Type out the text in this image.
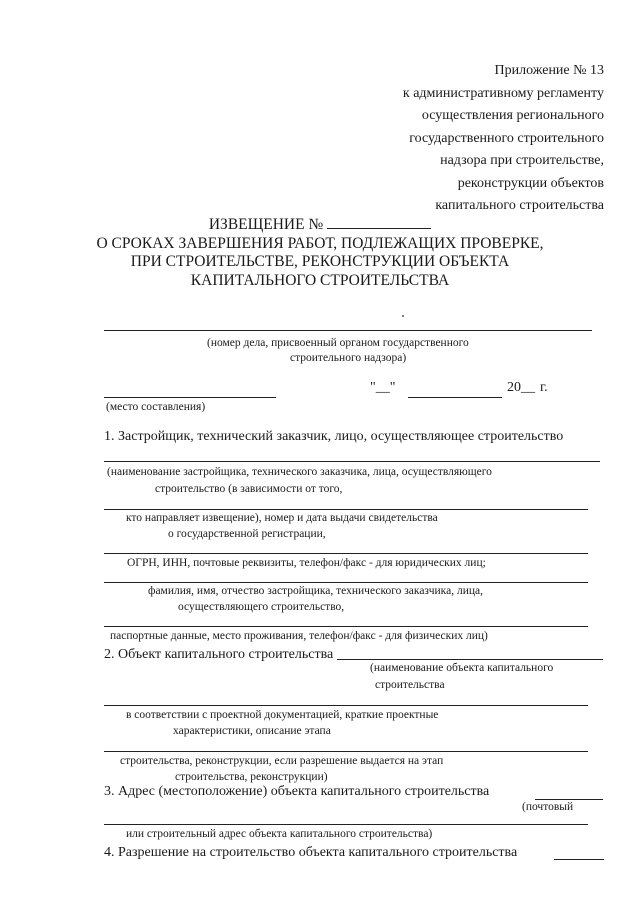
Приложение № 13
к административному регламенту
осуществления регионального
государственного строительного
надзора при строительстве,
реконструкции объектов
капитального строительства
ИЗВЕЩЕНИЕ №
О СРОКАХ ЗАВЕРШЕНИЯ РАБОТ, ПОДЛЕЖАЩИХ ПРОВЕРКЕ,
ПРИ СТРОИТЕЛЬСТВЕ, РЕКОНСТРУКЦИИ ОБЪЕКТА
КАПИТАЛЬНОГО СТРОИТЕЛЬСТВА
(номер дела, присвоенный органом государственного
строительного надзора)
"__"	20__ г.
(место составления)
1. Застройщик, технический заказчик, лицо, осуществляющее строительство
(наименование застройщика, технического заказчика, лица, осуществляющего
строительство (в зависимости от того,
кто направляет извещение), номер и дата выдачи свидетельства
о государственной регистрации,
ОГРН, ИНН, почтовые реквизиты, телефон/факс - для юридических лиц;
фамилия, имя, отчество застройщика, технического заказчика, лица,
осуществляющего строительство,
паспортные данные, место проживания, телефон/факс - для физических лиц)
2. Объект капитального строительства
(наименование объекта капитального
строительства
в соответствии с проектной документацией, краткие проектные
характеристики, описание этапа
строительства, реконструкции, если разрешение выдается на этап
строительства, реконструкции)
3. Адрес (местоположение) объекта капитального строительства
(почтовый
или строительный адрес объекта капитального строительства)
4. Разрешение на строительство объекта капитального строительства
